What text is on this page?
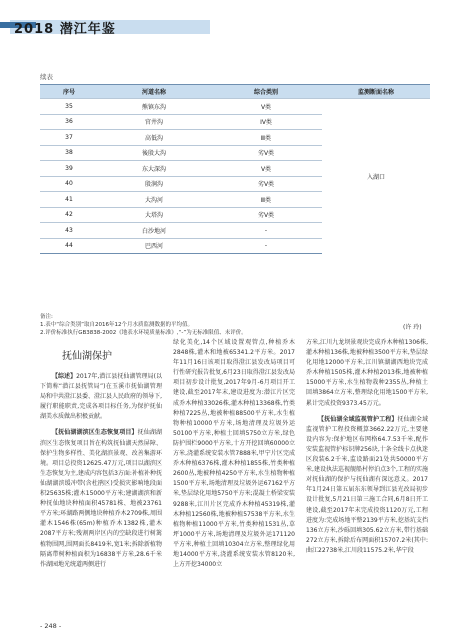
2018 潜江年鉴
续表
序号	河道名称	综合类别	监测断面名称
35	熊镇东沟	V类	入湖口
36	官井沟	IV类	
37	高低沟	Ⅲ类	
38	後殷大沟	劣V类	
39	东大深沟	V类	
40	殷涧沟	劣V类	
41	大沟河	Ⅲ类	
42	大塔沟	劣V类	
43	白沙地河	-	
44	巴西河	-	
备注:
1.表中“综合类别”取自2016年12个月水质监测数据的平均值。
2.评价标准执行GB3838-2002《地表水环境质量标准》,“-”为无标准限值、未评价。
(许 玲)
抚仙湖保护

【综述】2017年,潜江县抚仙湖管理局(以下简称“潜江县抚管局”)在玉溪市抚仙湖管理局和中共澄江县委、澄江县人民政府的领导下,履行职能职责,完成各项目标任务,为保护抚仙湖美水质做出积极贡献。

【抚仙湖湖滨区生态恢复项目】抚仙湖湖滨区生态恢复项目旨在构筑抚仙湖天然屏障、保护生物多样性、美化湖滨景观、改善集游环境。项目总投资12625.47万元,项目以湖滨区生态恢复为主,建成内容包括3方面:补植补种抚仙湖湖滨缓冲带(含杜鹃区)受损灾影响地段面积25635株;灌木15000平方米;建湖湖滨和新种抚仙地块种植面积45781株、地被23761平方米;环湖路两侧地块种植乔木2709株,周围灌木1546株(65m)种植乔木1382株,灌木2087平方米;残割两岸区内的空缺段进行树篱植物围网,围网面长8419米,宽1米;拆除新植物隔离带树种植面积为16838平方米,28.6千米作湖园地光统道两侧进行

绿化美化,14个区域设置观管点,种植乔木2848株,灌木和地被65341.2平方米。2017年11月16日该项目取得澄江县发改局项目可行性研究报告批复,6月23日取得澄江县发改局项目初步设计批复,2017年9月-6月项目开工建设,截至2017年末,建设进度为:潜江片区完成乔木种植33026株,灌木种植13368株,竹类种植7225丛,地被种植88500平方米,水生植物种植10000平方米,场地清理及垃圾外运50100平方米,种植土回填5750立方米,绿色防护围栏9000平方米,十方开挖回填60000立方米,浇灌系统安装水管7888米,甲宁片区完成乔木种植6376株,灌木种植1855株,竹类种植2600丛,地被种植4250平方米,水生植物种植1500平方米,场地清理及垃圾外运67162平方米,垫层绿化用地5750平方米;混凝土桥梁安装9288米,江川片区完成乔木种植45319株,灌木种植12560株,地被种植57538平方米,水生植物种植11000平方米,竹类种植1531丛,草坪1000平方米,场地清理及垃圾外运171120平方米,种植土回填10304立方米,整理绿化用地14000平方米,浇灌系统安装水管8120米,上方开挖34000立

方米,江川九龙坝景观块完成乔木种植1306株,灌木种植136株,地被种植3500平方米,垫层绿化用地12000平方米,江川镇湖湖西地块完成乔木种植1505株,灌木种植2013株,地被种植15000平方米,水生植物栽种2355丛,种植土回填3864立方米,整理绿化用地1500平方米,累计完成投资9373.45万元。

【抚仙湖全域监视管护工程】抚仙湖全域监视管护工程投资概算3662.22万元,主要建设内容为:保护地区布网格64.7.53千米,配作安装监视管护标识牌256块,十条全线卡点执迷区段装6.2千米,监设路面21处共50000平方米,建设执法巡视舰船村停泊点3个,工程的实施对抚仙湖的保护与抚仙湖有深远意义。2017年1月24日第五届东东领导到江县光改局初步设计批复,5月21日第三施工合同,6月8日开工建设,截至2017年末完成投资1120万元,工程进度为:完成场地平整2139平方米,挖基坑支挡136立方米,沙砾回填305.62立方米,带行基础272立方米,拆除后布网面积15707.2米(其中:曲江22738米,江川段11575.2米,华宁段

- 248 -
